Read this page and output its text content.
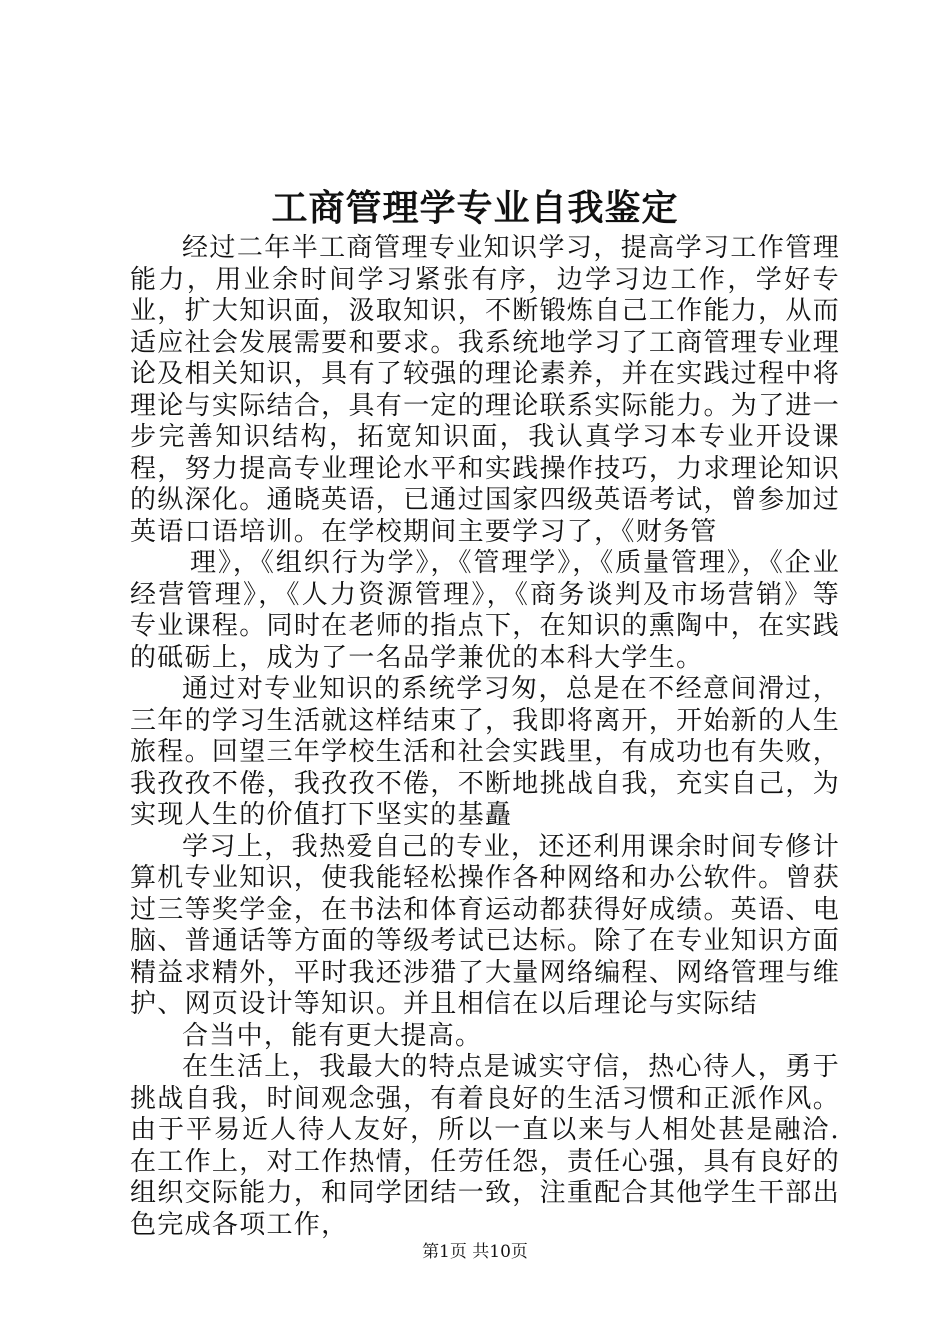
工商管理学专业自我鉴定

经过二年半工商管理专业知识学习，提高学习工作管理能力，用业余时间学习紧张有序，边学习边工作，学好专业，扩大知识面，汲取知识，不断锻炼自己工作能力，从而适应社会发展需要和要求。我系统地学习了工商管理专业理论及相关知识，具有了较强的理论素养，并在实践过程中将理论与实际结合，具有一定的理论联系实际能力。为了进一步完善知识结构，拓宽知识面，我认真学习本专业开设课程，努力提高专业理论水平和实践操作技巧，力求理论知识的纵深化。通晓英语，已通过国家四级英语考试，曾参加过英语口语培训。在学校期间主要学习了，《财务管

理》，《组织行为学》，《管理学》，《质量管理》，《企业经营管理》，《人力资源管理》，《商务谈判及市场营销》等专业课程。同时在老师的指点下，在知识的熏陶中，在实践的砥砺上，成为了一名品学兼优的本科大学生。

通过对专业知识的系统学习匆，总是在不经意间滑过，三年的学习生活就这样结束了，我即将离开，开始新的人生旅程。回望三年学校生活和社会实践里，有成功也有失败，我孜孜不倦，我孜孜不倦，不断地挑战自我，充实自己，为实现人生的价值打下坚实的基矗

学习上，我热爱自己的专业，还还利用课余时间专修计算机专业知识，使我能轻松操作各种网络和办公软件。曾获过三等奖学金，在书法和体育运动都获得好成绩。英语、电脑、普通话等方面的等级考试已达标。除了在专业知识方面精益求精外，平时我还涉猎了大量网络编程、网络管理与维护、网页设计等知识。并且相信在以后理论与实际结

合当中，能有更大提高。

在生活上，我最大的特点是诚实守信，热心待人，勇于挑战自我，时间观念强，有着良好的生活习惯和正派作风。由于平易近人待人友好，所以一直以来与人相处甚是融洽.在工作上，对工作热情，任劳任怨，责任心强，具有良好的组织交际能力，和同学团结一致，注重配合其他学生干部出色完成各项工作，

第1页 共10页
